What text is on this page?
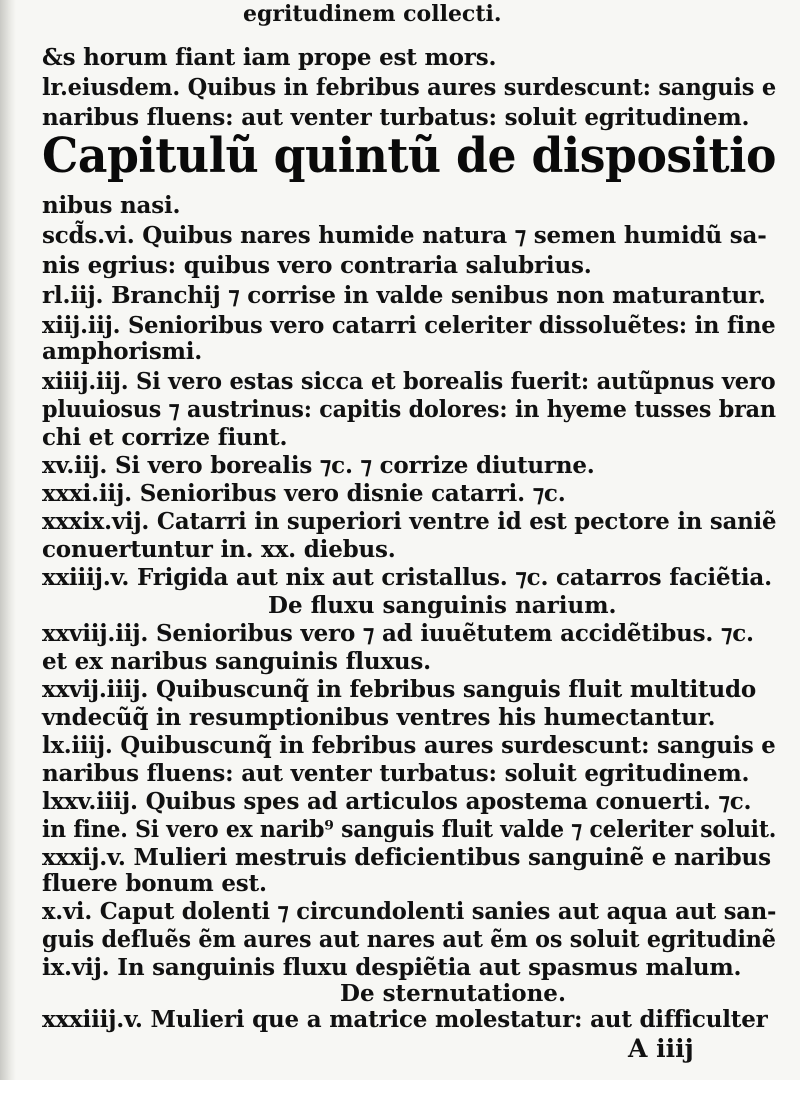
egritudinem collecti.
&s horum fiant iam prope est mors.
lr.eiusdem. Quibus in febribus aures surdescunt: sanguis e
naribus fluens: aut venter turbatus: soluit egritudinem.
Capitulũ quintũ de dispositio
nibus nasi.
scd̃s.vi. Quibus nares humide natura ⁊ semen humidũ sa-
nis egrius: quibus vero contraria salubrius.
rl.iij. Branchij ⁊ corrise in valde senibus non maturantur.
xiij.iij. Senioribus vero catarri celeriter dissoluẽtes: in fine
amphorismi.
xiiij.iij. Si vero estas sicca et borealis fuerit: autũpnus vero
pluuiosus ⁊ austrinus: capitis dolores: in hyeme tusses bran
chi et corrize fiunt.
xv.iij. Si vero borealis ⁊c. ⁊ corrize diuturne.
xxxi.iij. Senioribus vero disnie catarri. ⁊c.
xxxix.vij. Catarri in superiori ventre id est pectore in saniẽ
conuertuntur in. xx. diebus.
xxiiij.v. Frigida aut nix aut cristallus. ⁊c. catarros faciẽtia.
De fluxu sanguinis narium.
xxviij.iij. Senioribus vero ⁊ ad iuuẽtutem accidẽtibus. ⁊c.
et ex naribus sanguinis fluxus.
xxvij.iiij. Quibuscunq̃ in febribus sanguis fluit multitudo
vndecũq̃ in resumptionibus ventres his humectantur.
lx.iiij. Quibuscunq̃ in febribus aures surdescunt: sanguis e
naribus fluens: aut venter turbatus: soluit egritudinem.
lxxv.iiij. Quibus spes ad articulos apostema conuerti. ⁊c.
in fine. Si vero ex narib⁹ sanguis fluit valde ⁊ celeriter soluit.
xxxij.v. Mulieri mestruis deficientibus sanguinẽ e naribus
fluere bonum est.
x.vi. Caput dolenti ⁊ circundolenti sanies aut aqua aut san-
guis defluẽs ẽm aures aut nares aut ẽm os soluit egritudinẽ
ix.vij. In sanguinis fluxu despiẽtia aut spasmus malum.
De sternutatione.
xxxiiij.v. Mulieri que a matrice molestatur: aut difficulter
A iiij
